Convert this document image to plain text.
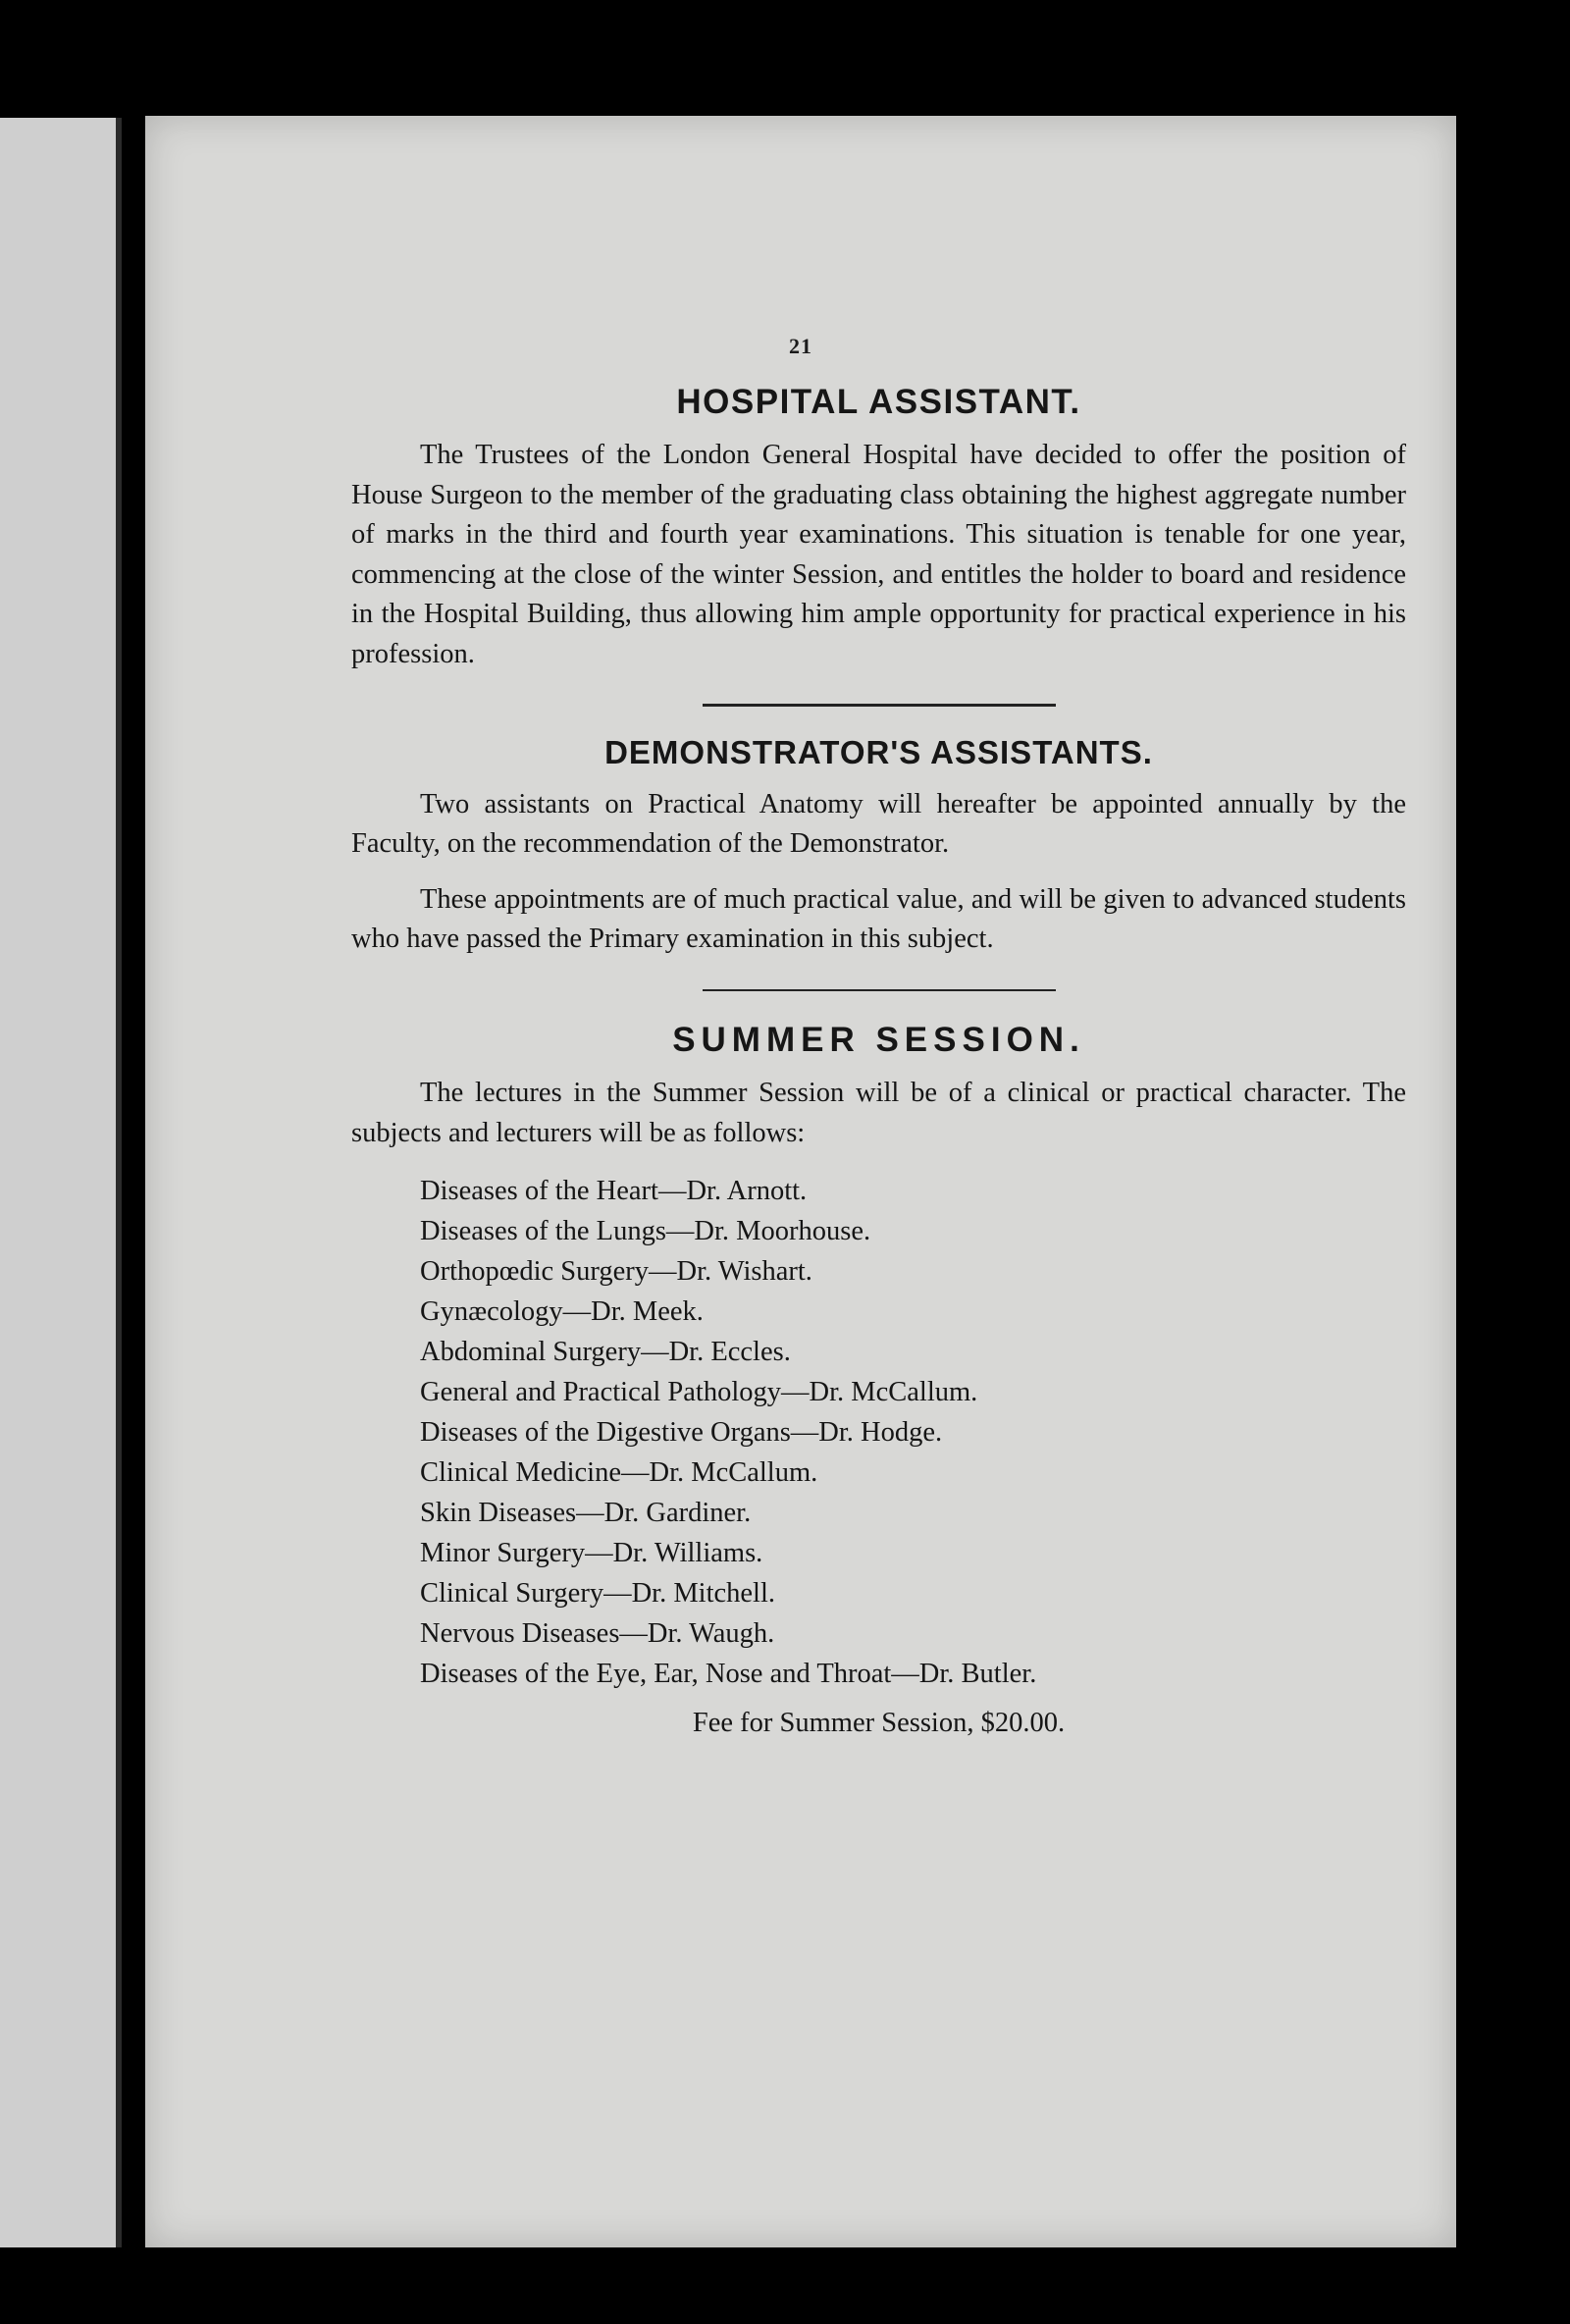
21
HOSPITAL ASSISTANT.

The Trustees of the London General Hospital have decided to offer the position of House Surgeon to the member of the graduating class obtaining the highest aggregate number of marks in the third and fourth year examinations. This situation is tenable for one year, commencing at the close of the winter Session, and entitles the holder to board and residence in the Hospital Building, thus allowing him ample opportunity for practical experience in his profession.

DEMONSTRATOR'S ASSISTANTS.

Two assistants on Practical Anatomy will hereafter be appointed annually by the Faculty, on the recommendation of the Demonstrator.

These appointments are of much practical value, and will be given to advanced students who have passed the Primary examination in this subject.

SUMMER SESSION.

The lectures in the Summer Session will be of a clinical or practical character. The subjects and lecturers will be as follows:

Diseases of the Heart—Dr. Arnott.
Diseases of the Lungs—Dr. Moorhouse.
Orthopœdic Surgery—Dr. Wishart.
Gynæcology—Dr. Meek.
Abdominal Surgery—Dr. Eccles.
General and Practical Pathology—Dr. McCallum.
Diseases of the Digestive Organs—Dr. Hodge.
Clinical Medicine—Dr. McCallum.
Skin Diseases—Dr. Gardiner.
Minor Surgery—Dr. Williams.
Clinical Surgery—Dr. Mitchell.
Nervous Diseases—Dr. Waugh.
Diseases of the Eye, Ear, Nose and Throat—Dr. Butler.
Fee for Summer Session, $20.00.
